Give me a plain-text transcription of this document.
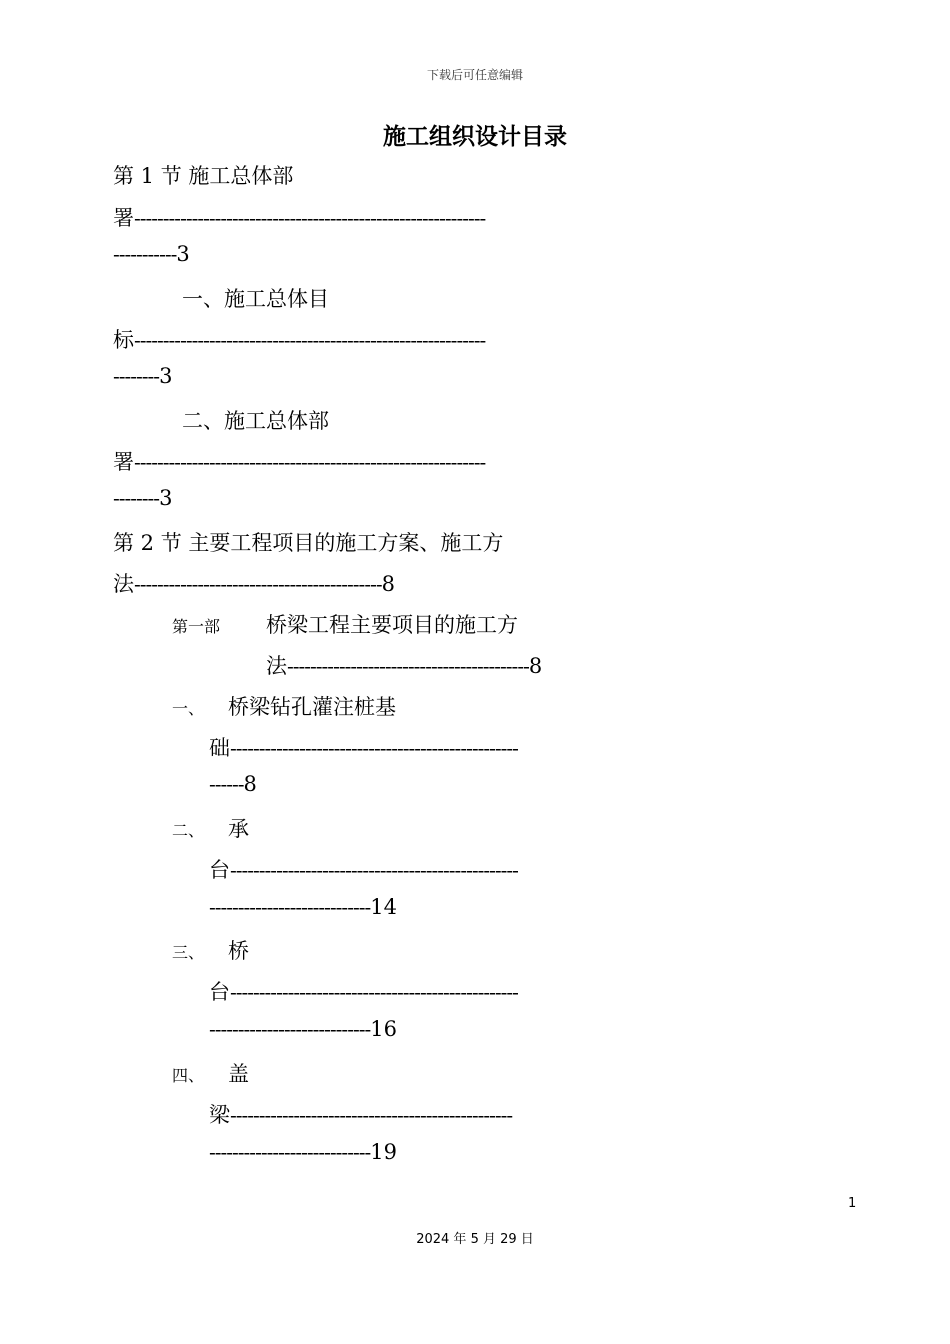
下载后可任意编辑
施工组织设计目录
第 1 节 施工总体部
署-------------------------------------------------------------
-----------3
一、施工总体目
标-------------------------------------------------------------
--------3
二、施工总体部
署-------------------------------------------------------------
--------3
第 2 节 主要工程项目的施工方案、施工方
法-------------------------------------------8
第一部 桥梁工程主要项目的施工方
法------------------------------------------8
一、 桥梁钻孔灌注桩基
础--------------------------------------------------
------8
二、 承
台--------------------------------------------------
----------------------------14
三、 桥
台--------------------------------------------------
----------------------------16
四、 盖
梁-------------------------------------------------
----------------------------19
1
2024 年 5 月 29 日
